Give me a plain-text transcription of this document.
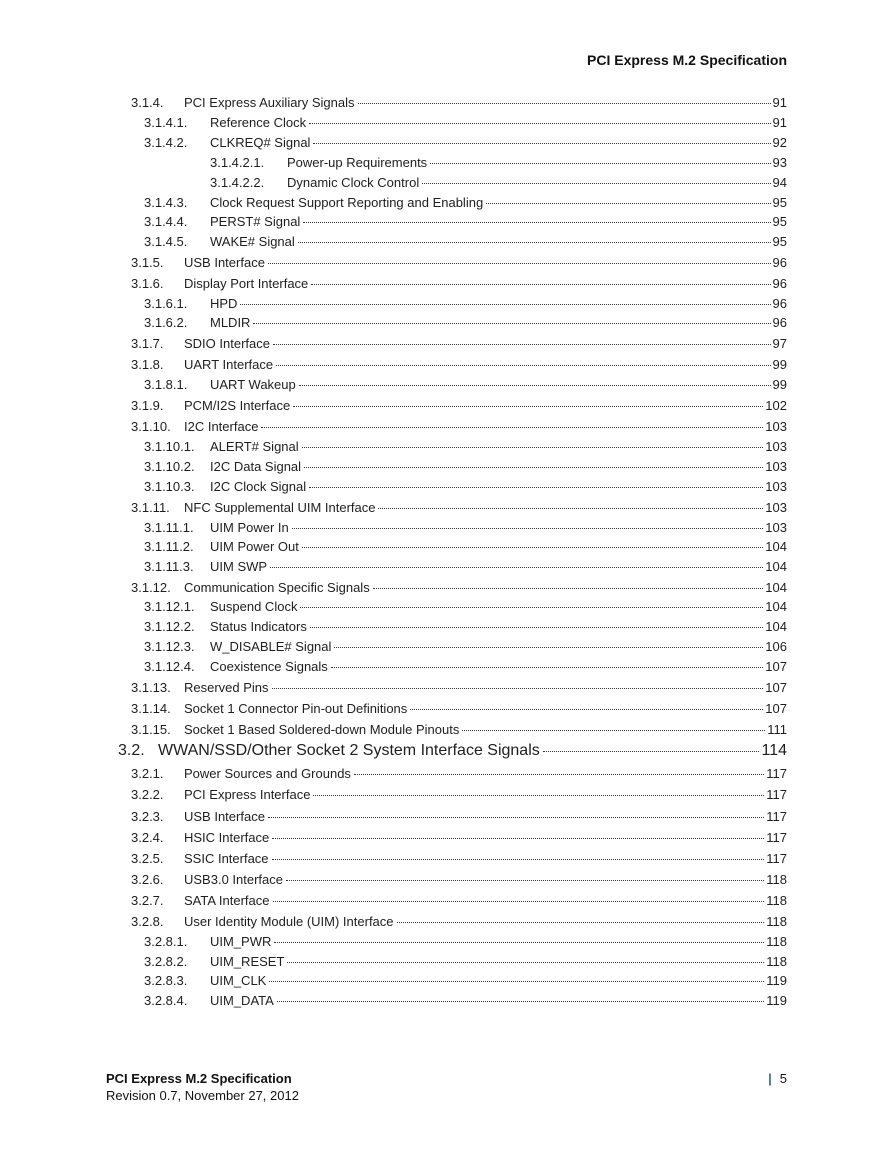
PCI Express M.2 Specification
3.1.4. PCI Express Auxiliary Signals	91
3.1.4.1. Reference Clock	91
3.1.4.2. CLKREQ# Signal	92
3.1.4.2.1. Power-up Requirements	93
3.1.4.2.2. Dynamic Clock Control	94
3.1.4.3. Clock Request Support Reporting and Enabling	95
3.1.4.4. PERST# Signal	95
3.1.4.5. WAKE# Signal	95
3.1.5. USB Interface	96
3.1.6. Display Port Interface	96
3.1.6.1. HPD	96
3.1.6.2. MLDIR	96
3.1.7. SDIO Interface	97
3.1.8. UART Interface	99
3.1.8.1. UART Wakeup	99
3.1.9. PCM/I2S Interface	102
3.1.10. I2C Interface	103
3.1.10.1. ALERT# Signal	103
3.1.10.2. I2C Data Signal	103
3.1.10.3. I2C Clock Signal	103
3.1.11. NFC Supplemental UIM Interface	103
3.1.11.1. UIM Power In	103
3.1.11.2. UIM Power Out	104
3.1.11.3. UIM SWP	104
3.1.12. Communication Specific Signals	104
3.1.12.1. Suspend Clock	104
3.1.12.2. Status Indicators	104
3.1.12.3. W_DISABLE# Signal	106
3.1.12.4. Coexistence Signals	107
3.1.13. Reserved Pins	107
3.1.14. Socket 1 Connector Pin-out Definitions	107
3.1.15. Socket 1 Based Soldered-down Module Pinouts	111
3.2. WWAN/SSD/Other Socket 2 System Interface Signals	114
3.2.1. Power Sources and Grounds	117
3.2.2. PCI Express Interface	117
3.2.3. USB Interface	117
3.2.4. HSIC Interface	117
3.2.5. SSIC Interface	117
3.2.6. USB3.0 Interface	118
3.2.7. SATA Interface	118
3.2.8. User Identity Module (UIM) Interface	118
3.2.8.1. UIM_PWR	118
3.2.8.2. UIM_RESET	118
3.2.8.3. UIM_CLK	119
3.2.8.4. UIM_DATA	119
PCI Express M.2 Specification
Revision 0.7, November 27, 2012
| 5
